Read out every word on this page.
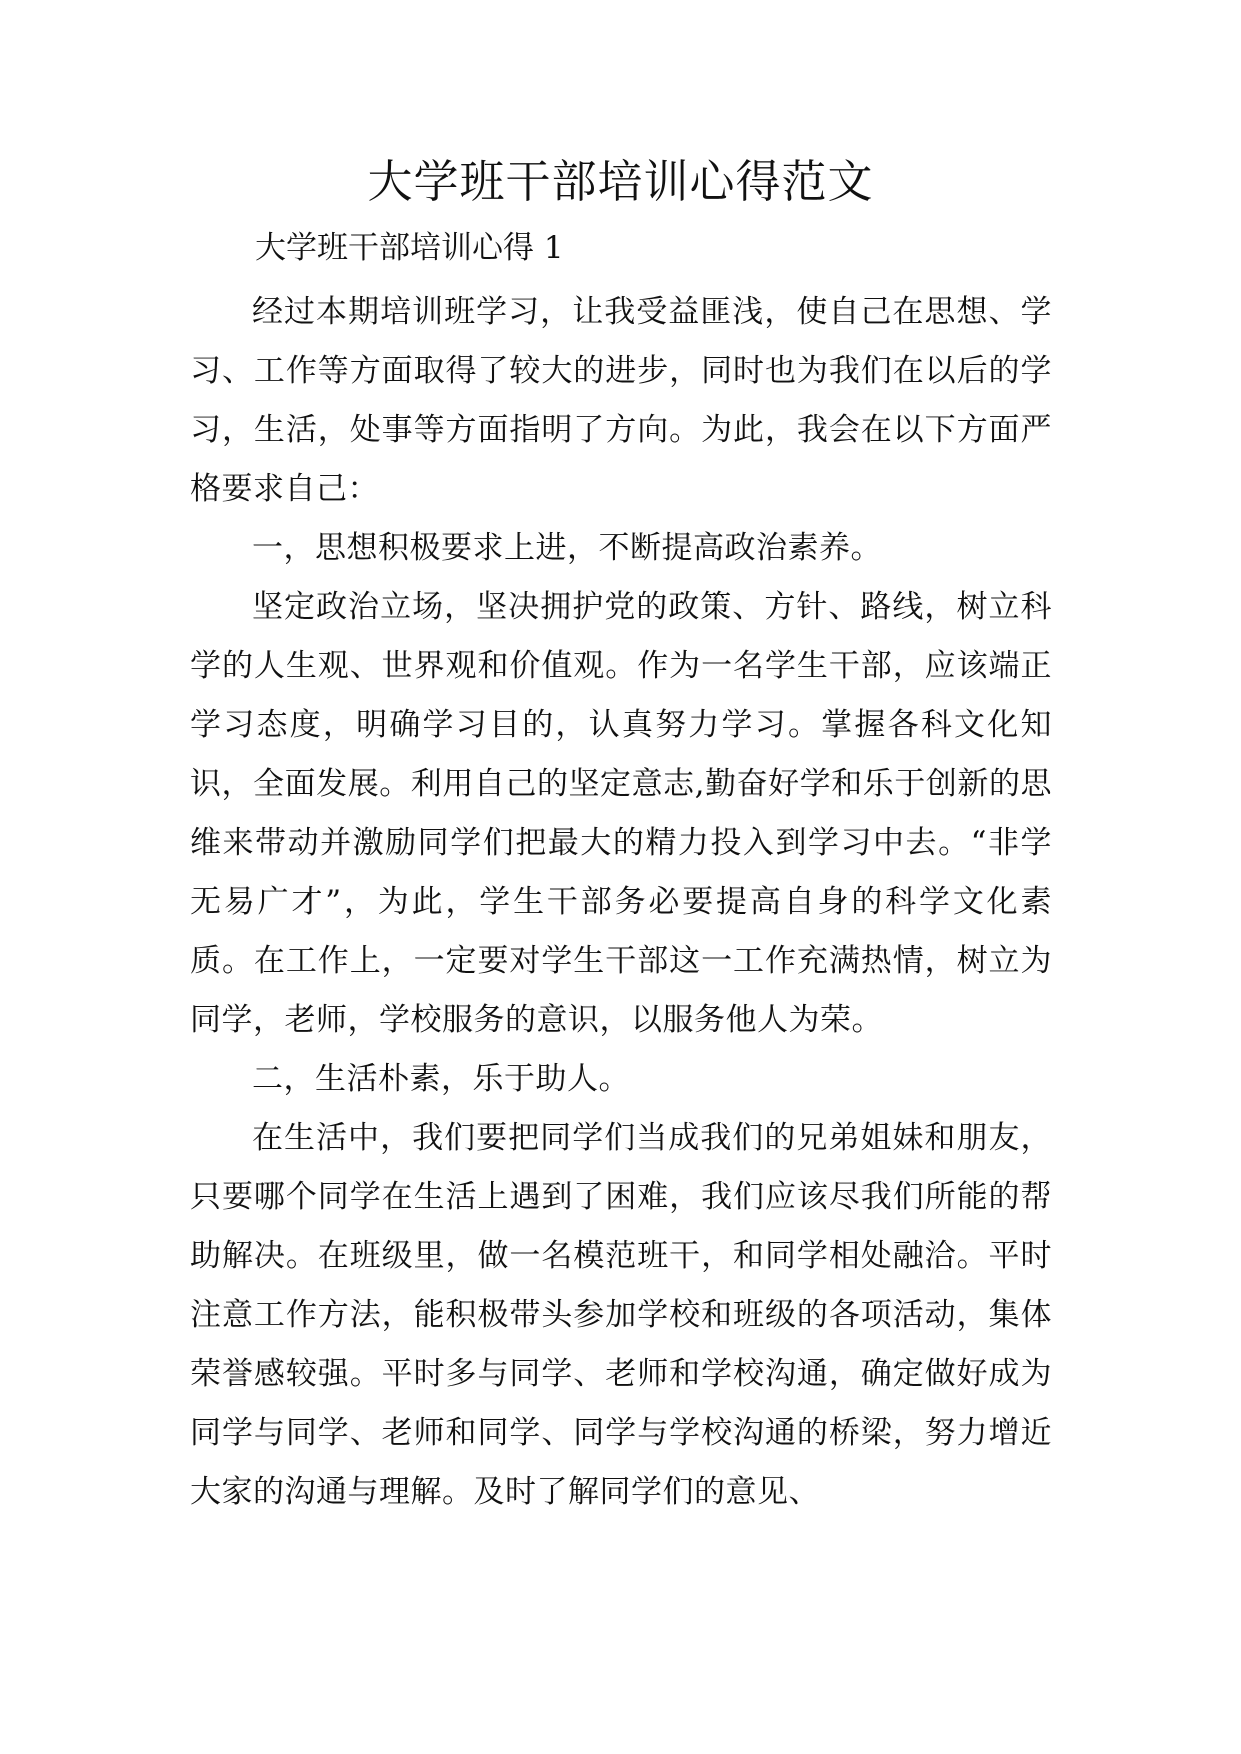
大学班干部培训心得范文

大学班干部培训心得 1

经过本期培训班学习，让我受益匪浅，使自己在思想、学习、工作等方面取得了较大的进步，同时也为我们在以后的学习，生活，处事等方面指明了方向。为此，我会在以下方面严格要求自己：

一，思想积极要求上进，不断提高政治素养。

坚定政治立场，坚决拥护党的政策、方针、路线，树立科学的人生观、世界观和价值观。作为一名学生干部，应该端正学习态度，明确学习目的，认真努力学习。掌握各科文化知识，全面发展。利用自己的坚定意志,勤奋好学和乐于创新的思维来带动并激励同学们把最大的精力投入到学习中去。“非学无易广才”，为此，学生干部务必要提高自身的科学文化素质。在工作上，一定要对学生干部这一工作充满热情，树立为同学，老师，学校服务的意识，以服务他人为荣。

二，生活朴素，乐于助人。

在生活中，我们要把同学们当成我们的兄弟姐妹和朋友，只要哪个同学在生活上遇到了困难，我们应该尽我们所能的帮助解决。在班级里，做一名模范班干，和同学相处融洽。平时注意工作方法，能积极带头参加学校和班级的各项活动，集体荣誉感较强。平时多与同学、老师和学校沟通，确定做好成为同学与同学、老师和同学、同学与学校沟通的桥梁，努力增近大家的沟通与理解。及时了解同学们的意见、
